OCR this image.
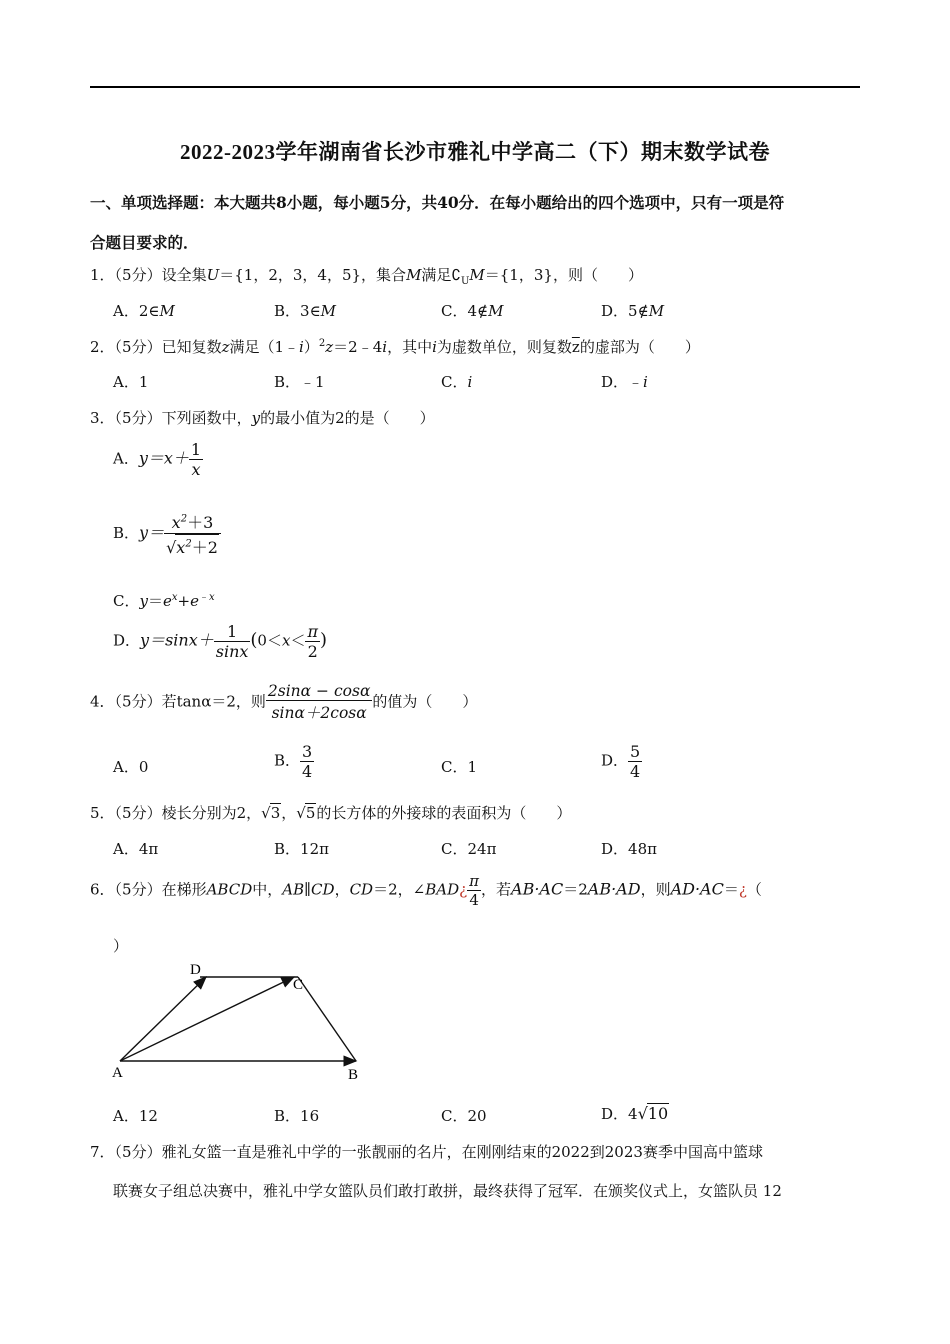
2022-2023学年湖南省长沙市雅礼中学高二（下）期末数学试卷
一、单项选择题：本大题共8小题，每小题5分，共40分．在每小题给出的四个选项中，只有一项是符
合题目要求的．
1．（5分）设全集U＝{1，2，3，4，5}，集合M满足$∁_UM=\{1$，3}，则（　　）
A．2∈M	B．3∈M	C．4∉M	D．5∉M
2．（5分）已知复数z满足（1﹣i）$^2$z＝2﹣4i，其中i为虚数单位，则复数$\overline{z}$的虚部为（　　）
A．1	B．﹣1	C．i	D．﹣i
3．（5分）下列函数中，y的最小值为2的是（　　）
A．$y=x+ \frac{1}{x}$
B．$y= \frac{x^2+3}{√x^2+2}$
C．$y=e^x+e^{﹣x}$
D．$y=\sin x+ \frac{1}{\sin x} (0<x< \frac{\pi}{2}$ )
4．（5分）若tanα＝2，则 $\frac{2\sin\alpha - \cos\alpha}{\sin\alpha+2\cos\alpha}$ 的值为（　　）
A．0	B． $\frac{3}{4}$	C．1	D． $\frac{5}{4}$
5．（5分）棱长分别为2，√3，√5的长方体的外接球的表面积为（　　）
A．4π	B．12π	C．24π	D．48π
6．（5分）在梯形ABCD中，AB∥CD，CD＝2，∠BAD¿ $\frac{\pi}{4}$ ，若AB·AC＝2AB·AD，则AD·AC＝¿（
）
A	B
C
D
A．12	B．16	C．20	D．4√10
7．（5分）雅礼女篮一直是雅礼中学的一张靓丽的名片，在刚刚结束的2022到2023赛季中国高中篮球
联赛女子组总决赛中，雅礼中学女篮队员们敢打敢拼，最终获得了冠军．在颁奖仪式上，女篮队员 12
